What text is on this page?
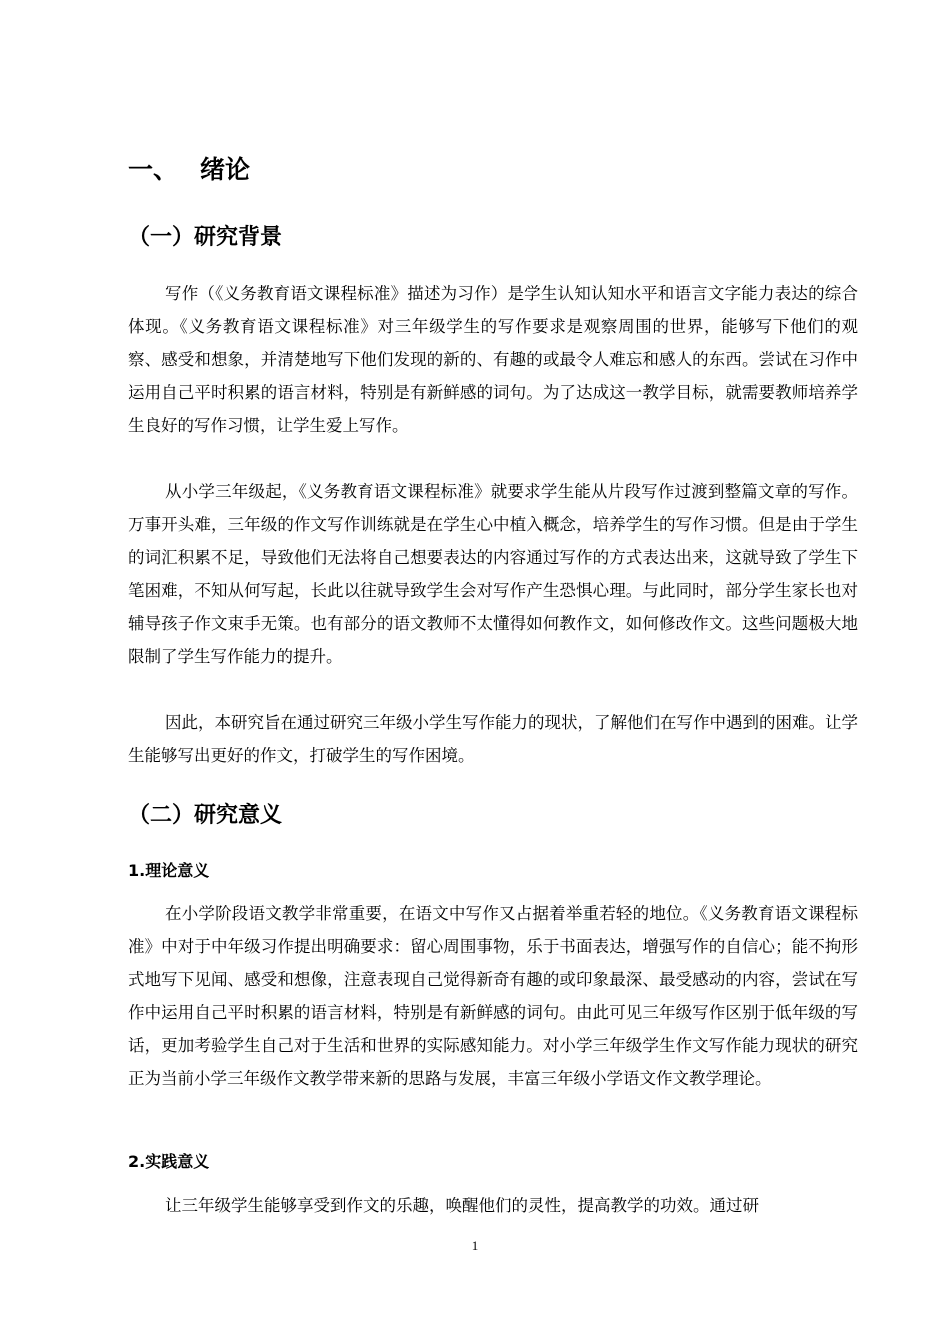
一、 绪论
（一）研究背景

写作（《义务教育语文课程标准》描述为习作）是学生认知认知水平和语言文字能力表达的综合体现。《义务教育语文课程标准》对三年级学生的写作要求是观察周围的世界，能够写下他们的观察、感受和想象，并清楚地写下他们发现的新的、有趣的或最令人难忘和感人的东西。尝试在习作中运用自己平时积累的语言材料，特别是有新鲜感的词句。为了达成这一教学目标，就需要教师培养学生良好的写作习惯，让学生爱上写作。

从小学三年级起，《义务教育语文课程标准》就要求学生能从片段写作过渡到整篇文章的写作。万事开头难，三年级的作文写作训练就是在学生心中植入概念，培养学生的写作习惯。但是由于学生的词汇积累不足，导致他们无法将自己想要表达的内容通过写作的方式表达出来，这就导致了学生下笔困难，不知从何写起，长此以往就导致学生会对写作产生恐惧心理。与此同时，部分学生家长也对辅导孩子作文束手无策。也有部分的语文教师不太懂得如何教作文，如何修改作文。这些问题极大地限制了学生写作能力的提升。

因此，本研究旨在通过研究三年级小学生写作能力的现状，了解他们在写作中遇到的困难。让学生能够写出更好的作文，打破学生的写作困境。

（二）研究意义
1.理论意义

在小学阶段语文教学非常重要，在语文中写作又占据着举重若轻的地位。《义务教育语文课程标准》中对于中年级习作提出明确要求：留心周围事物，乐于书面表达，增强写作的自信心；能不拘形式地写下见闻、感受和想像，注意表现自己觉得新奇有趣的或印象最深、最受感动的内容，尝试在写作中运用自己平时积累的语言材料，特别是有新鲜感的词句。由此可见三年级写作区别于低年级的写话，更加考验学生自己对于生活和世界的实际感知能力。对小学三年级学生作文写作能力现状的研究正为当前小学三年级作文教学带来新的思路与发展，丰富三年级小学语文作文教学理论。

2.实践意义

让三年级学生能够享受到作文的乐趣，唤醒他们的灵性，提高教学的功效。通过研

1
